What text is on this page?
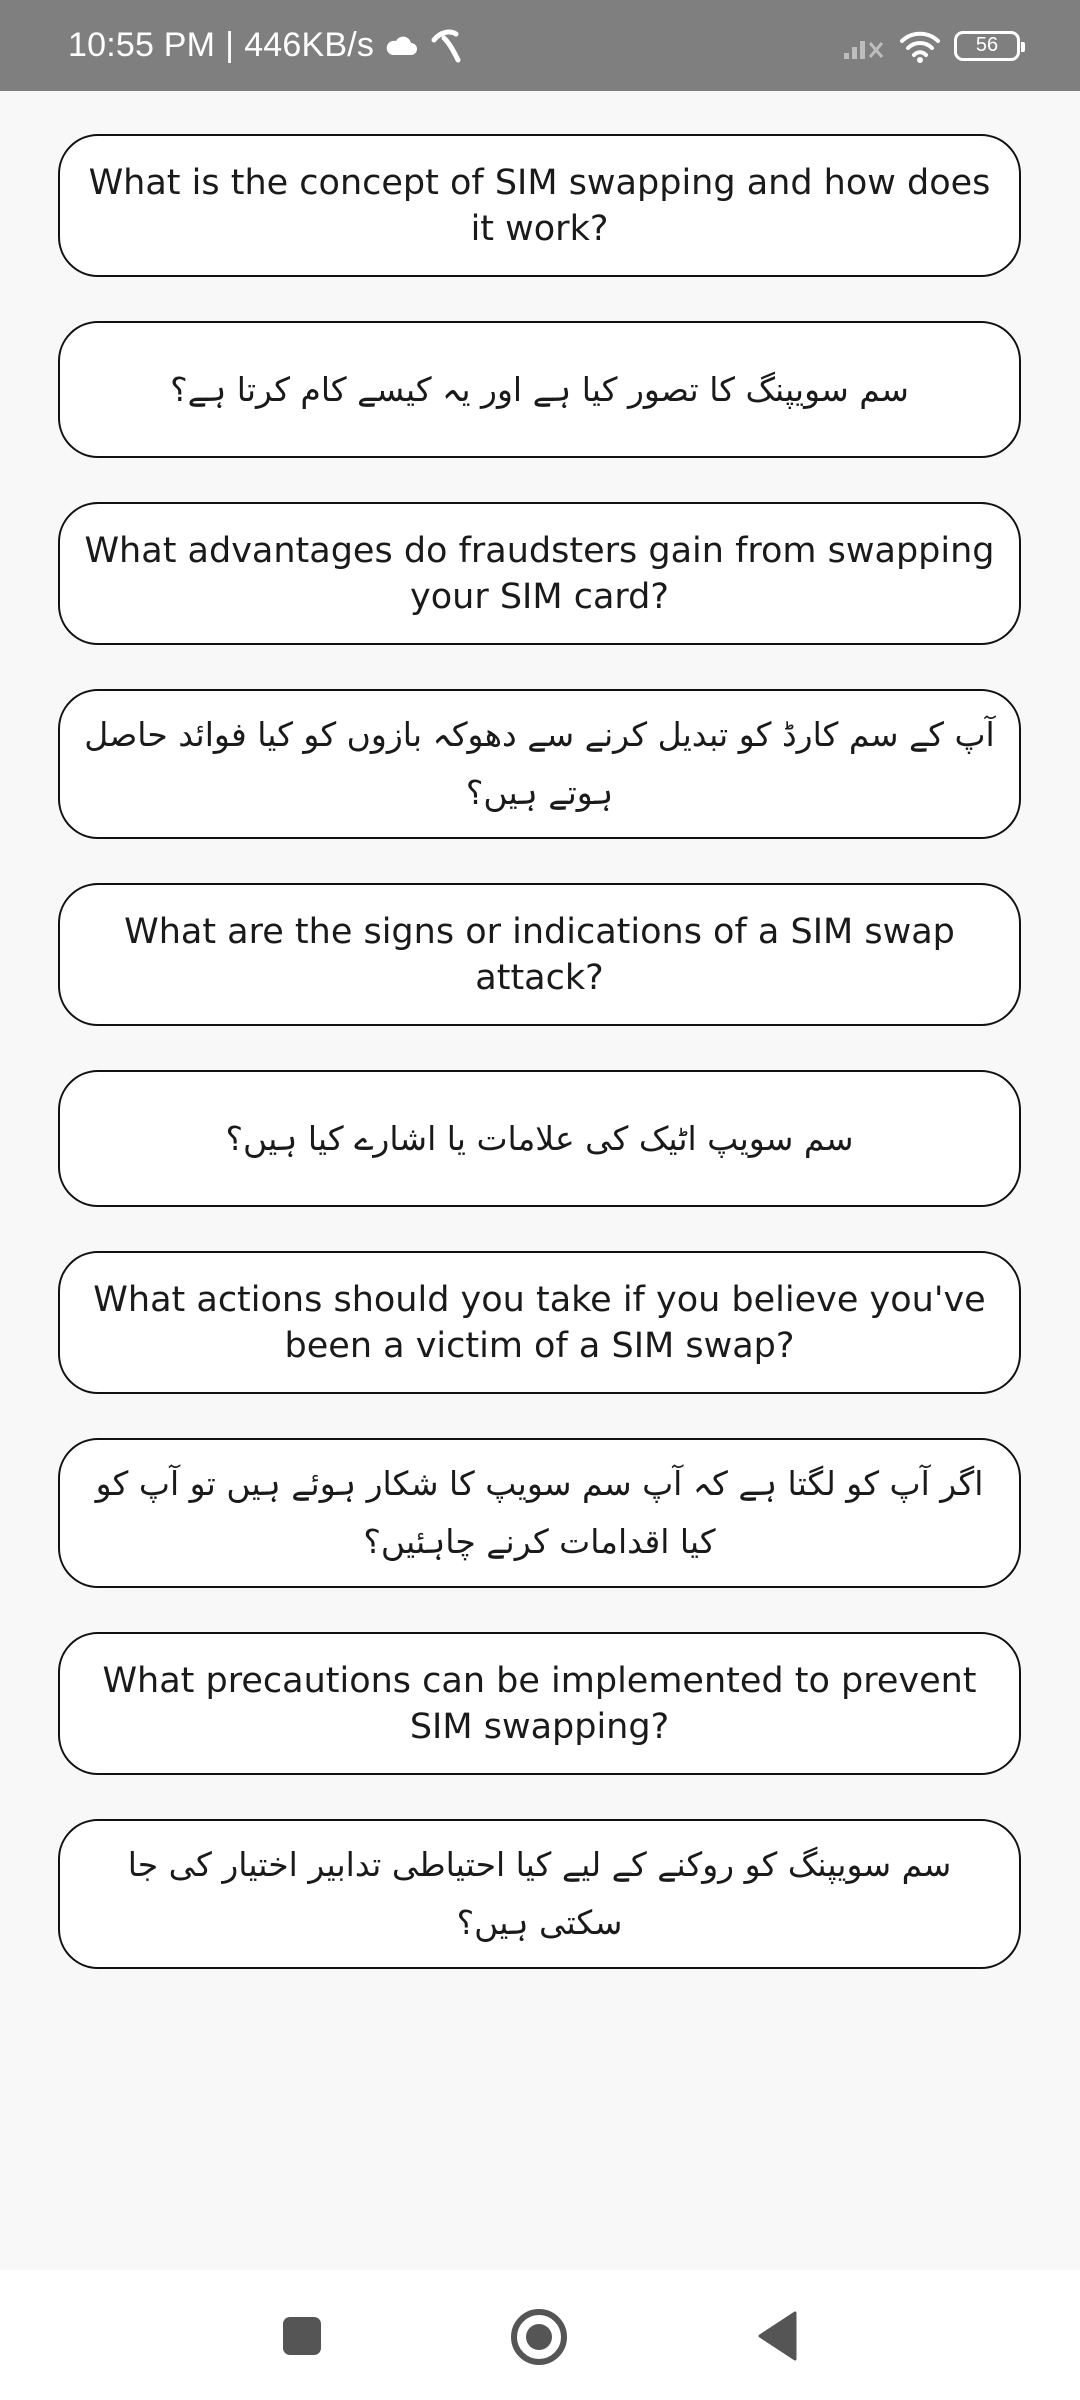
10:55 PM | 446KB/s	56
What is the concept of SIM swapping and how does it work?
سم سویپنگ کا تصور کیا ہے اور یہ کیسے کام کرتا ہے؟
What advantages do fraudsters gain from swapping your SIM card?
آپ کے سم کارڈ کو تبدیل کرنے سے دھوکہ بازوں کو کیا فوائد حاصل ہوتے ہیں؟
What are the signs or indications of a SIM swap attack?
سم سویپ اٹیک کی علامات یا اشارے کیا ہیں؟
What actions should you take if you believe you've been a victim of a SIM swap?
اگر آپ کو لگتا ہے کہ آپ سم سویپ کا شکار ہوئے ہیں تو آپ کو کیا اقدامات کرنے چاہئیں؟
What precautions can be implemented to prevent SIM swapping?
سم سویپنگ کو روکنے کے لیے کیا احتیاطی تدابیر اختیار کی جا سکتی ہیں؟
